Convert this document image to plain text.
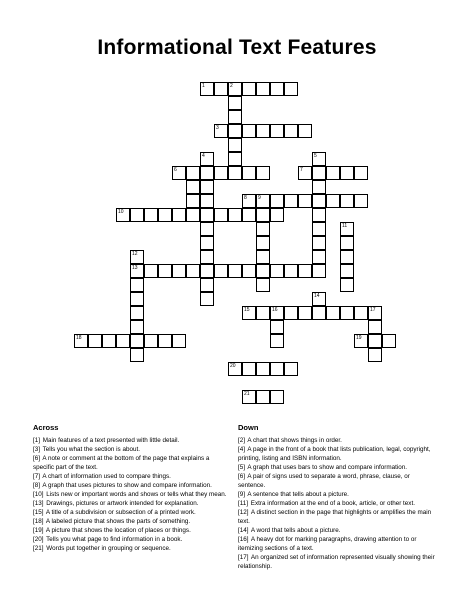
Informational Text Features
1	2
3
4	5
6	7
8 9
10
11
12
13
14
15	16	17
18	19
20
21
Across	Down
[1] Main features of a text presented with little detail.
[3] Tells you what the section is about.
[6] A note or comment at the bottom of the page that explains a specific part of the text.
[7] A chart of information used to compare things.
[8] A graph that uses pictures to show and compare information.
[10] Lists new or important words and shows or tells what they mean.
[13] Drawings, pictures or artwork intended for explanation.
[15] A title of a subdivision or subsection of a printed work.
[18] A labeled picture that shows the parts of something.
[19] A picture that shows the location of places or things.
[20] Tells you what page to find information in a book.
[21] Words put together in grouping or sequence.
[2] A chart that shows things in order.
[4] A page in the front of a book that lists publication, legal, copyright, printing, listing and ISBN information.
[5] A graph that uses bars to show and compare information.
[6] A pair of signs used to separate a word, phrase, clause, or sentence.
[9] A sentence that tells about a picture.
[11] Extra information at the end of a book, article, or other text.
[12] A distinct section in the page that highlights or amplifies the main text.
[14] A word that tells about a picture.
[16] A heavy dot for marking paragraphs, drawing attention to or itemizing sections of a text.
[17] An organized set of information represented visually showing their relationship.
